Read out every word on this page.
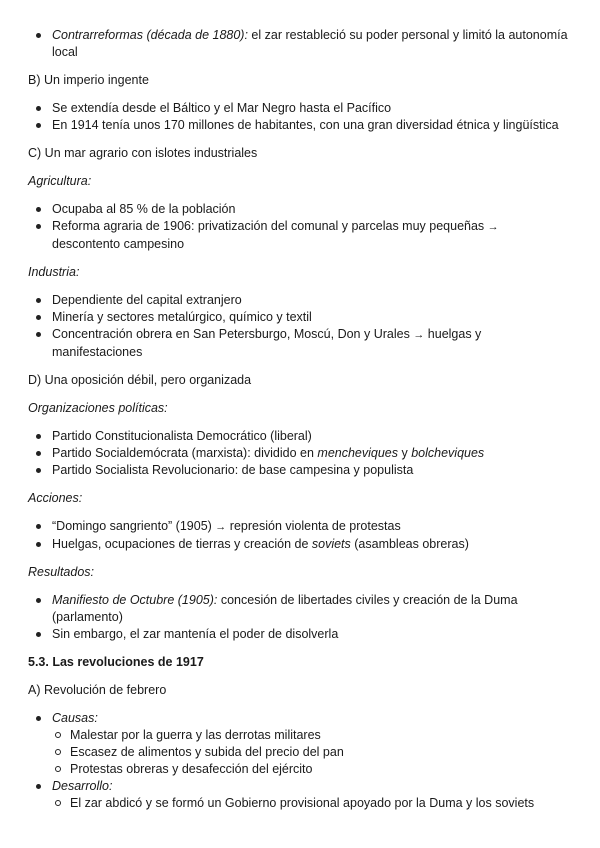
Contrarreformas (década de 1880): el zar restableció su poder personal y limitó la autonomía local
B) Un imperio ingente
Se extendía desde el Báltico y el Mar Negro hasta el Pacífico
En 1914 tenía unos 170 millones de habitantes, con una gran diversidad étnica y lingüística
C) Un mar agrario con islotes industriales
Agricultura:
Ocupaba al 85 % de la población
Reforma agraria de 1906: privatización del comunal y parcelas muy pequeñas → descontento campesino
Industria:
Dependiente del capital extranjero
Minería y sectores metalúrgico, químico y textil
Concentración obrera en San Petersburgo, Moscú, Don y Urales → huelgas y manifestaciones
D) Una oposición débil, pero organizada
Organizaciones políticas:
Partido Constitucionalista Democrático (liberal)
Partido Socialdemócrata (marxista): dividido en mencheviques y bolcheviques
Partido Socialista Revolucionario: de base campesina y populista
Acciones:
“Domingo sangriento” (1905) → represión violenta de protestas
Huelgas, ocupaciones de tierras y creación de soviets (asambleas obreras)
Resultados:
Manifiesto de Octubre (1905): concesión de libertades civiles y creación de la Duma (parlamento)
Sin embargo, el zar mantenía el poder de disolverla
5.3. Las revoluciones de 1917
A) Revolución de febrero
Causas:
Malestar por la guerra y las derrotas militares
Escasez de alimentos y subida del precio del pan
Protestas obreras y desafección del ejército
Desarrollo:
El zar abdicó y se formó un Gobierno provisional apoyado por la Duma y los soviets
